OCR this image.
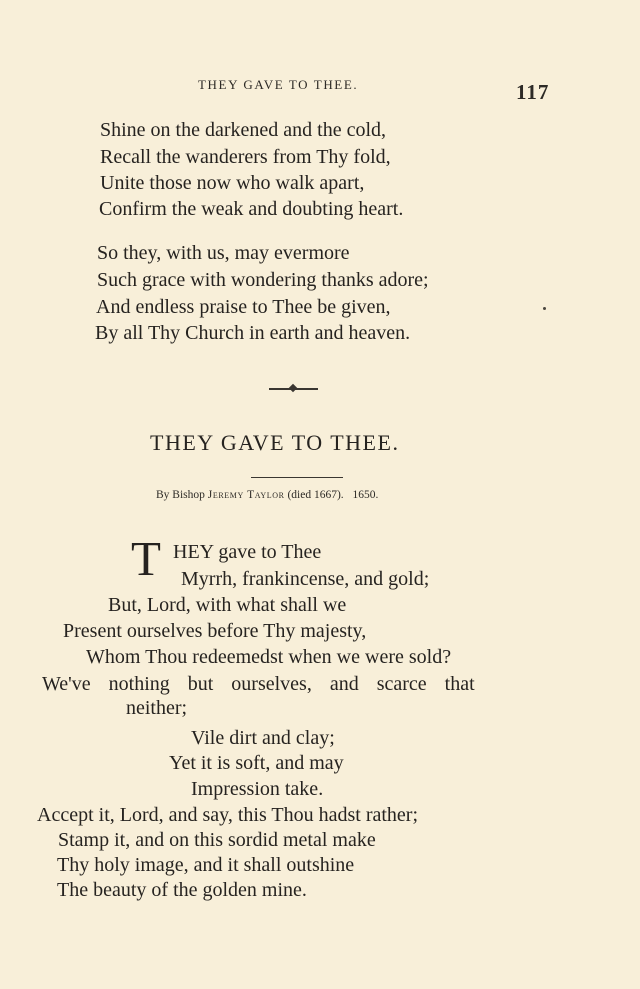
THEY GAVE TO THEE.	117
Shine on the darkened and the cold,
Recall the wanderers from Thy fold,
Unite those now who walk apart,
Confirm the weak and doubting heart.
So they, with us, may evermore
Such grace with wondering thanks adore;
And endless praise to Thee be given,
By all Thy Church in earth and heaven.
THEY GAVE TO THEE.
By Bishop Jeremy Taylor (died 1667). 1650.
T HEY gave to Thee
Myrrh, frankincense, and gold;
But, Lord, with what shall we
Present ourselves before Thy majesty,
Whom Thou redeemedst when we were sold?
We've nothing but ourselves, and scarce that
neither;
Vile dirt and clay;
Yet it is soft, and may
Impression take.
Accept it, Lord, and say, this Thou hadst rather;
Stamp it, and on this sordid metal make
Thy holy image, and it shall outshine
The beauty of the golden mine.
